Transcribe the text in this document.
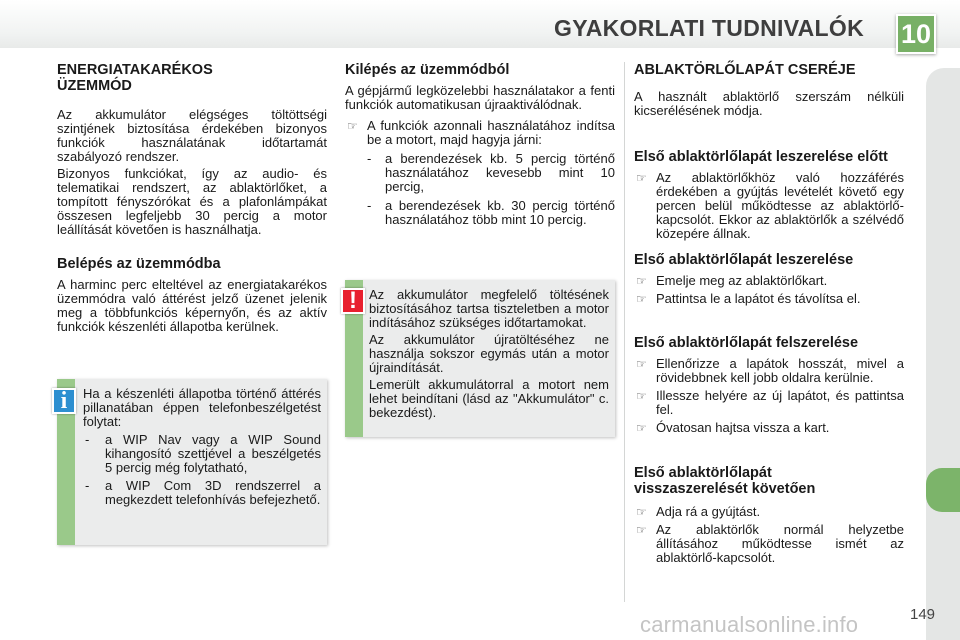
GYAKORLATI TUDNIVALÓK 10
ENERGIATAKARÉKOS ÜZEMMÓD

Az akkumulátor elégséges töltöttségi szintjének biztosítása érdekében bizonyos funkciók használatának időtartamát szabályozó rendszer.

Bizonyos funkciókat, így az audio- és telematikai rendszert, az ablaktörlőket, a tompított fényszórókat és a plafonlámpákat összesen legfeljebb 30 percig a motor leállítását követően is használhatja.

Belépés az üzemmódba

A harminc perc elteltével az energiatakarékos üzemmódra való áttérést jelző üzenet jelenik meg a többfunkciós képernyőn, és az aktív funkciók készenléti állapotba kerülnek.

Ha a készenléti állapotba történő áttérés pillanatában éppen telefonbeszélgetést folytat:

- a WIP Nav vagy a WIP Sound kihangosító szettjével a beszélgetés 5 percig még folytatható,
- a WIP Com 3D rendszerrel a megkezdett telefonhívás befejezhető.
i
Kilépés az üzemmódból

A gépjármű legközelebbi használatakor a fenti funkciók automatikusan újraaktiválódnak.

☞ A funkciók azonnali használatához indítsa be a motort, majd hagyja járni:
- a berendezések kb. 5 percig történő használatához kevesebb mint 10 percig,
- a berendezések kb. 30 percig történő használatához több mint 10 percig.

Az akkumulátor megfelelő töltésének biztosításához tartsa tiszteletben a motor indításához szükséges időtartamokat.

Az akkumulátor újratöltéséhez ne használja sokszor egymás után a motor újraindítását.

Lemerült akkumulátorral a motort nem lehet beindítani (lásd az "Akkumulátor" c. bekezdést).

!
ABLAKTÖRLŐLAPÁT CSERÉJE

A használt ablaktörlő szerszám nélküli kicserélésének módja.

Első ablaktörlőlapát leszerelése előtt
☞ Az ablaktörlőkhöz való hozzáférés érdekében a gyújtás levételét követő egy percen belül működtesse az ablaktörlő-kapcsolót. Ekkor az ablaktörlők a szélvédő közepére állnak.
Első ablaktörlőlapát leszerelése
☞ Emelje meg az ablaktörlőkart.
☞ Pattintsa le a lapátot és távolítsa el.
Első ablaktörlőlapát felszerelése
☞ Ellenőrizze a lapátok hosszát, mivel a rövidebbnek kell jobb oldalra kerülnie.
☞ Illessze helyére az új lapátot, és pattintsa fel.
☞ Óvatosan hajtsa vissza a kart.
Első ablaktörlőlapát visszaszerelését követően
☞ Adja rá a gyújtást.
☞ Az ablaktörlők normál helyzetbe állításához működtesse ismét az ablaktörlő-kapcsolót.
carmanualsonline.info	149
